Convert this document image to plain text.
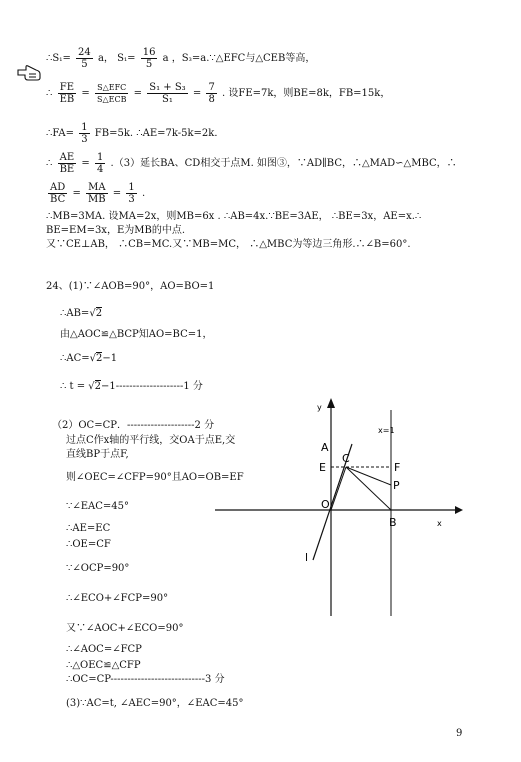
∴S₁= $\frac{24}{5}$ a， $S_1= \frac{16}{5}$ a ，S₃=a.∵△EFC与△CEB等高，
∴ $\frac{FE}{EB} = \frac{\text{S△EFC}}{\text{S△ECB}} = \frac{\text{S₁ + S₃}}{\text{S₁}} = \frac{7}{8}$ . 设FE=7k，则BE=8k，FB=15k，
∴FA= $\frac{1}{3} FB=5k$. ∴AE=7k-5k=2k．
∴ $\frac{AE}{BE} = \frac{1}{4} .(3)$延长BA、CD相交于点M. 如图③，∵AD∥BC，∴△MAD∽△MBC，∴
$\frac{AD}{BC} = \frac{MA}{MB} = \frac{1}{3}$ .
∴MB=3MA. 设MA=2x，则MB=6x . ∴AB=4x.∵BE=3AE， ∴BE=3x，AE=x.∴
BE=EM=3x，E为MB的中点.
又∵CE⊥AB， ∴CB=MC.又∵MB=MC， ∴△MBC为等边三角形.∴∠B=60°.
24、(1)∵∠AOB=90°，AO=BO=1
∴AB=√2
由△AOC≌△BCP知AO=BC=1，
∴AC=√2−1
∴ t = √2−1--------------------1 分
（2）OC=CP．--------------------2 分
过点C作x轴的平行线，交OA于点E,交
直线BP于点F,
则∠OEC=∠CFP=90°且AO=OB=EF
∵∠EAC=45°
∴AE=EC
∴OE=CF
∵∠OCP=90°
∴∠ECO+∠FCP=90°
又∵∠AOC+∠ECO=90°
∴∠AOC=∠FCP
∴△OEC≌△CFP
∴OC=CP----------------------------3 分
(3)∵AC=t, ∠AEC=90°，∠EAC=45°
y
x
x=1
A
E
C
F
P
O
B
l
9
